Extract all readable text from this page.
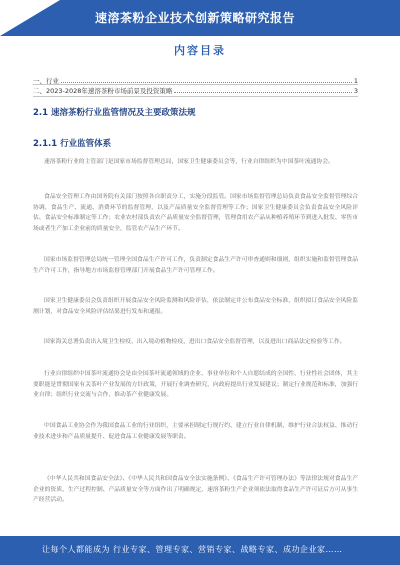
速溶茶粉企业技术创新策略研究报告
内容目录
一、行业	1
二、2023-2028年速溶茶粉市场前景及投资策略	3
2.1 速溶茶粉行业监管情况及主要政策法规
2.1.1 行业监管体系
速溶茶粉行业的主管部门是国家市场监督管理总局，国家卫生健康委员会等，行业自律组织为中国茶叶流通协会。
食品安全管理工作由国务院有关部门按照各自职责分工，实施分段监管。国家市场监督管理总局负责食品安全监督管理综合协调，食品生产、流通、消费环节的监督管理，以及产品质量安全监督管理等工作；国家卫生健康委员会负责食品安全风险评估、食品安全标准制定等工作；农业农村部负责农产品质量安全监督管理，管理食用农产品从种植养殖环节到进入批发、零售市场或者生产加工企业前的质量安全，监管农产品生产环节。
国家市场监督管理总局统一管理全国食品生产许可工作，负责制定食品生产许可审查通则和细则，组织实施和监督管理食品生产许可工作，指导地方市场监督管理部门开展食品生产许可管理工作。
国家卫生健康委员会负责组织开展食品安全风险监测和风险评估，依法制定并公布食品安全标准，组织拟订食品安全风险监测计划，对食品安全风险评估结果进行发布和通报。
国家海关总署负责出入境卫生检疫、出入境动植物检疫、进出口食品安全监督管理，以及进出口商品法定检验等工作。
行业自律组织中国茶叶流通协会是由全国茶叶流通领域的企业、事业单位和个人自愿结成的全国性、行业性社会团体，其主要职能是贯彻国家有关茶叶产业发展的方针政策，开展行业调查研究，向政府提出行业发展建议；制定行业规范和标准，加强行业自律；组织行业交流与合作，推动茶产业健康发展。
中国食品工业协会作为我国食品工业的行业组织，主要承担制定行规行约、建立行业自律机制、维护行业合法权益、推动行业技术进步和产品质量提升、促进食品工业健康发展等职责。
《中华人民共和国食品安全法》、《中华人民共和国食品安全法实施条例》、《食品生产许可管理办法》等法律法规对食品生产企业的资质、生产过程控制、产品质量安全等方面作出了明确规定，速溶茶粉生产企业须依法取得食品生产许可证后方可从事生产经营活动。
让每个人都能成为 行业专家、管理专家、营销专家、战略专家、成功企业家……
